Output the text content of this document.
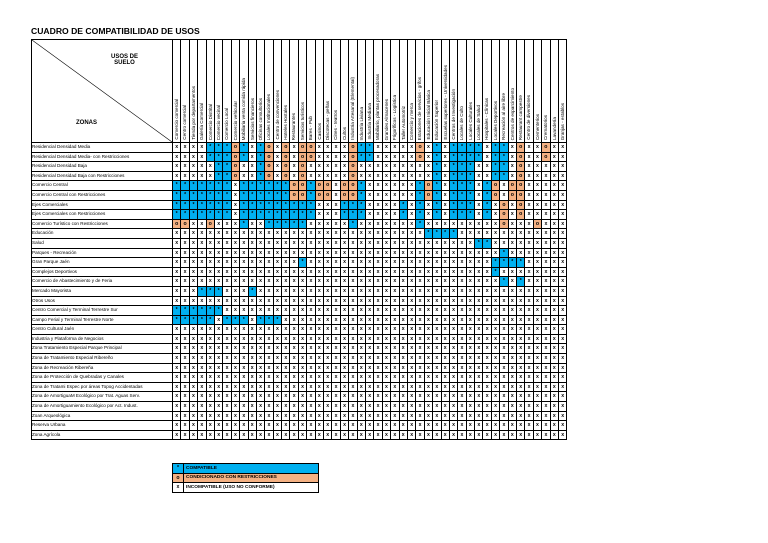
CUADRO DE COMPATIBILIDAD DE USOS
USOS DE
SUELO
ZONAS	Comercio comercial	Centro comercial	Tienda por departamentos	Galería Comercial	Comercio Distrital	Comercio vecinal	Comercio Local	Comercio vehicular	Mobiliaria venta comida rápida	Servicios financieros	Oficinas consultorios	Locales Institucionales	Centro de convenciones	Hoteles Hostales	Restaurantes	Servicios turísticos	Bares - Pub	Casinos	Discotecas - peñas	Cines - teatros	Cultos	Industria Artesanal (Elemental)	Industria Liviana	Industria Mediana	Mobiliario, plantas procesadoras	Grandes Almacenes	Frigoríficos - Logística	Taller Automotriz	Comercio y merca	Estaciones de servicios - grifos	Educación Inicial Básica	Educación Superior	Escuelas superiores - Universidades	Centros de Investigación	Locales de Culto	Locales Culturales	Locales de Salud	Hospitales - Clínicas	Locales Deportivos	Recreación al aire libre	Centros de esparcimiento	Restaurant campestre	Centro de diversiones	Cementerios	Crematorios	Lavandería	Granjas - establos

Residencial Densidad Media	x	x	x	x	*	*	*	o	*	x	*	o	x	o	x	o	o	x	x	x	x	o	*	*	x	x	x	x	x	o	x	*	x	*	*	*	*	x	*	*	x	o	x	x	o	x	x
Residencial Densidad Media- con Restricciones	x	x	x	x	*	*	*	o	*	x	*	o	x	o	x	o	o	x	x	x	x	o	*	*	x	x	x	x	x	o	x	*	x	*	*	*	*	x	*	*	x	o	x	x	o	x	x
Residencial Densidad Baja	x	x	x	x	x	*	*	o	x	x	*	o	x	o	x	o	x	x	x	x	x	o	x	x	x	x	x	x	x	x	x	*	x	*	*	*	x	x	*	*	x	o	x	x	x	x	x
Residencial Densidad Baja con Restricciones	x	x	x	x	x	*	*	o	x	x	*	o	x	o	x	o	x	x	x	x	x	o	x	x	x	x	x	x	x	x	x	*	x	*	*	*	x	x	*	*	x	o	x	x	x	x	x
Comercio Central	*	*	*	*	*	*	*	x	*	*	*	*	*	*	o	o	*	o	o	x	o	o	*	x	x	x	x	x	x	*	o	*	x	*	*	*	x	*	o	x	o	o	x	x	x	x	x
Comercio Central con Restricciones	*	*	*	*	*	*	*	x	*	*	*	*	*	*	o	o	*	o	o	x	o	o	*	x	x	x	x	x	x	*	o	*	x	*	*	*	x	*	o	x	o	o	x	x	x	x	x
Ejes Comerciales	*	*	*	*	*	*	*	x	*	*	*	*	*	*	*	*	*	x	x	x	*	*	*	x	x	x	x	*	x	*	x	*	x	*	*	*	x	*	x	o	x	o	x	x	x	x	x
Ejes Comerciales con Restricciones	*	*	*	*	*	*	*	x	*	*	*	*	*	*	*	*	*	x	x	x	*	*	*	x	x	x	x	*	x	*	x	*	x	*	*	*	x	*	x	o	x	o	x	x	x	x	x
Comercio Turístico con Restricciones	o	o	x	x	o	x	x	x	*	x	x	*	*	*	*	*	x	x	x	x	x	*	x	x	x	x	x	x	x	*	x	x	x	x	x	x	x	x	x	o	x	x	x	o	x	x	x
Educación	x	x	x	x	x	x	x	x	x	x	x	x	x	x	x	x	x	x	x	x	x	x	x	x	x	x	x	x	x	x	*	*	*	*	x	x	x	x	x	x	x	x	x	x	x	x	x
Salud	x	x	x	x	x	x	x	x	x	x	x	x	x	x	x	x	x	x	x	x	x	x	x	x	x	x	x	x	x	x	x	x	x	x	x	x	*	*	x	x	x	x	x	x	x	x	x
Parques - Recreación	x	x	x	x	x	x	x	x	x	x	x	x	x	x	x	x	x	x	x	x	x	x	x	x	x	x	x	x	x	x	x	x	x	x	x	x	x	x	x	*	x	x	x	x	x	x	x
Gran Parque Jaén	x	x	x	x	x	x	x	x	x	x	x	x	x	x	x	*	x	x	x	x	x	x	x	x	x	x	x	x	x	x	x	x	x	x	x	x	x	x	*	*	*	*	x	x	x	x	x
Complejos Deportivos	x	x	x	x	x	x	x	x	x	x	x	x	x	x	x	x	x	x	x	x	x	x	x	x	x	x	x	x	x	x	x	x	x	x	x	x	x	x	*	x	x	x	x	x	x	x	x
Comercio de Abastecimiento y de Feria	x	x	x	x	x	x	x	x	x	x	x	x	x	x	x	x	x	x	x	x	x	x	x	x	x	x	x	x	x	x	x	x	x	x	x	x	x	x	x	*	x	*	x	x	x	x	x
Mercado Mayorista	x	x	x	*	*	*	x	x	x	*	x	x	x	x	x	x	x	x	x	x	x	x	x	x	x	x	x	x	x	x	x	x	x	x	x	x	x	x	x	x	x	x	x	x	x	x	x
Otros Usos	x	x	x	x	x	x	x	x	x	x	x	x	x	x	x	x	x	x	x	x	x	x	x	x	x	x	x	x	x	x	x	x	x	x	x	x	x	x	x	x	x	x	x	x	x	x	x
Centro Comercial y Terminal Terrestre Sur	*	*	*	*	*	*	x	x	x	x	x	x	x	x	x	x	x	x	x	x	x	x	x	x	x	x	x	x	x	x	x	x	x	x	x	x	x	x	x	x	x	x	x	x	x	x	x
Campo Ferial y Terminal Terrestre Norte	*	*	*	*	*	x	*	*	*	x	*	*	*	x	x	x	x	x	x	x	x	x	x	x	x	x	x	x	x	x	x	x	x	x	x	x	x	x	x	x	x	x	x	x	x	x	x
Centro Cultural Jaén	x	x	x	x	x	x	x	x	x	x	x	x	x	x	x	x	x	x	x	x	x	x	x	x	x	x	x	x	x	x	x	x	x	x	x	x	x	x	x	x	x	x	x	x	x	x	x
Industria y Plataforma de Negocios	x	x	x	x	x	x	x	x	x	x	x	x	x	x	x	x	x	x	x	x	x	x	x	x	x	x	x	x	x	x	x	x	x	x	x	x	x	x	x	x	x	x	x	x	x	x	x
Zona Tratamiento Especial Parque Principal	x	x	x	x	x	x	x	x	x	x	x	x	x	x	x	x	x	x	x	x	x	x	x	x	x	x	x	x	x	x	x	x	x	x	x	x	x	x	x	x	x	x	x	x	x	x	x
Zona de Tratamiento Especial Ribereño	x	x	x	x	x	x	x	x	x	x	x	x	x	x	x	x	x	x	x	x	x	x	x	x	x	x	x	x	x	x	x	x	x	x	x	x	x	x	x	x	x	x	x	x	x	x	x
Zona de Recreación Ribereña	x	x	x	x	x	x	x	x	x	x	x	x	x	x	x	x	x	x	x	x	x	x	x	x	x	x	x	x	x	x	x	x	x	x	x	x	x	x	x	x	x	x	x	x	x	x	x
Zona de Protección de Quebradas y Canales	x	x	x	x	x	x	x	x	x	x	x	x	x	x	x	x	x	x	x	x	x	x	x	x	x	x	x	x	x	x	x	x	x	x	x	x	x	x	x	x	x	x	x	x	x	x	x
Zona de Tratami Espec por áreas Topog Accidentadas	x	x	x	x	x	x	x	x	x	x	x	x	x	x	x	x	x	x	x	x	x	x	x	x	x	x	x	x	x	x	x	x	x	x	x	x	x	x	x	x	x	x	x	x	x	x	x
Zona de AmortiguaM Ecológico por Trat. Aguas Serv.	x	x	x	x	x	x	x	x	x	x	x	x	x	x	x	x	x	x	x	x	x	x	x	x	x	x	x	x	x	x	x	x	x	x	x	x	x	x	x	x	x	x	x	x	x	x	x
Zona de Amortiguamiento Ecológico por Act. Indust.	x	x	x	x	x	x	x	x	x	x	x	x	x	x	x	x	x	x	x	x	x	x	x	x	x	x	x	x	x	x	x	x	x	x	x	x	x	x	x	x	x	x	x	x	x	x	x
Zoan Arqueológica	x	x	x	x	x	x	x	x	x	x	x	x	x	x	x	x	x	x	x	x	x	x	x	x	x	x	x	x	x	x	x	x	x	x	x	x	x	x	x	x	x	x	x	x	x	x	x
Reserva Urbana	x	x	x	x	x	x	x	x	x	x	x	x	x	x	x	x	x	x	x	x	x	x	x	x	x	x	x	x	x	x	x	x	x	x	x	x	x	x	x	x	x	x	x	x	x	x	x
Zona Agrícola	x	x	x	x	x	x	x	x	x	x	x	x	x	x	x	x	x	x	x	x	x	x	x	x	x	x	x	x	x	x	x	x	x	x	x	x	x	x	x	x	x	x	x	x	x	x	x
*	COMPATIBLE
o	CONDICIONADO CON RESTRICCIONES
x	INCOMPATIBLE (USO NO CONFORME)
